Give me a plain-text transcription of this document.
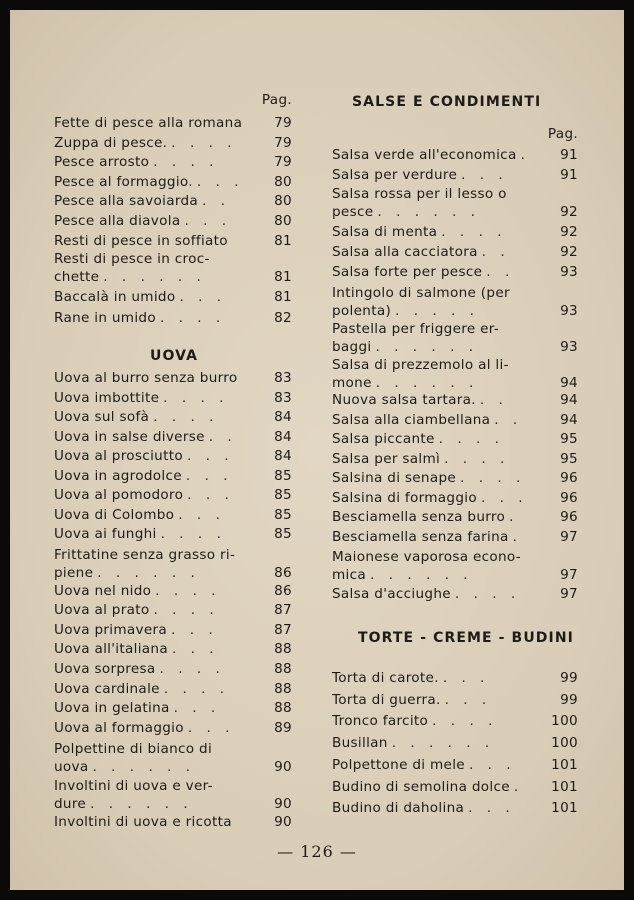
Pag.
Fette di pesce alla romana	79
Zuppa di pesce. . . . .	79
Pesce arrosto . . . .	79
Pesce al formaggio. . . .	80
Pesce alla savoiarda . .	80
Pesce alla diavola . . .	80
Resti di pesce in soffiato	81
Resti di pesce in croc-
chette . . . . . .	81
Baccalà in umido . . .	81
Rane in umido . . . .	82
UOVA
Uova al burro senza burro	83
Uova imbottite . . . .	83
Uova sul sofà . . . .	84
Uova in salse diverse . .	84
Uova al prosciutto . . .	84
Uova in agrodolce . . .	85
Uova al pomodoro . . .	85
Uova di Colombo . . .	85
Uova ai funghi . . . .	85
Frittatine senza grasso ri-
piene . . . . . .	86
Uova nel nido . . . .	86
Uova al prato . . . .	87
Uova primavera . . .	87
Uova all'italiana . . .	88
Uova sorpresa . . . .	88
Uova cardinale . . . .	88
Uova in gelatina . . .	88
Uova al formaggio . . .	89
Polpettine di bianco di
uova . . . . . .	90
Involtini di uova e ver-
dure . . . . . .	90
Involtini di uova e ricotta	90
SALSE E CONDIMENTI
Pag.
Salsa verde all'economica .	91
Salsa per verdure . . .	91
Salsa rossa per il lesso o
pesce . . . . . .	92
Salsa di menta . . . .	92
Salsa alla cacciatora . .	92
Salsa forte per pesce . .	93
Intingolo di salmone (per
polenta) . . . . .	93
Pastella per friggere er-
baggi . . . . . .	93
Salsa di prezzemolo al li-
mone . . . . . .	94
Nuova salsa tartara. . .	94
Salsa alla ciambellana . .	94
Salsa piccante . . . .	95
Salsa per salmì . . . .	95
Salsina di senape . . . .	96
Salsina di formaggio . . .	96
Besciamella senza burro .	96
Besciamella senza farina .	97
Maionese vaporosa econo-
mica . . . . . .	97
Salsa d'acciughe . . . .	97
TORTE - CREME - BUDINI
Torta di carote. . . .	99
Torta di guerra. . . .	99
Tronco farcito . . . .	100
Busillan . . . . . .	100
Polpettone di mele . . .	101
Budino di semolina dolce .	101
Budino di daholina . . .	101
— 126 —
